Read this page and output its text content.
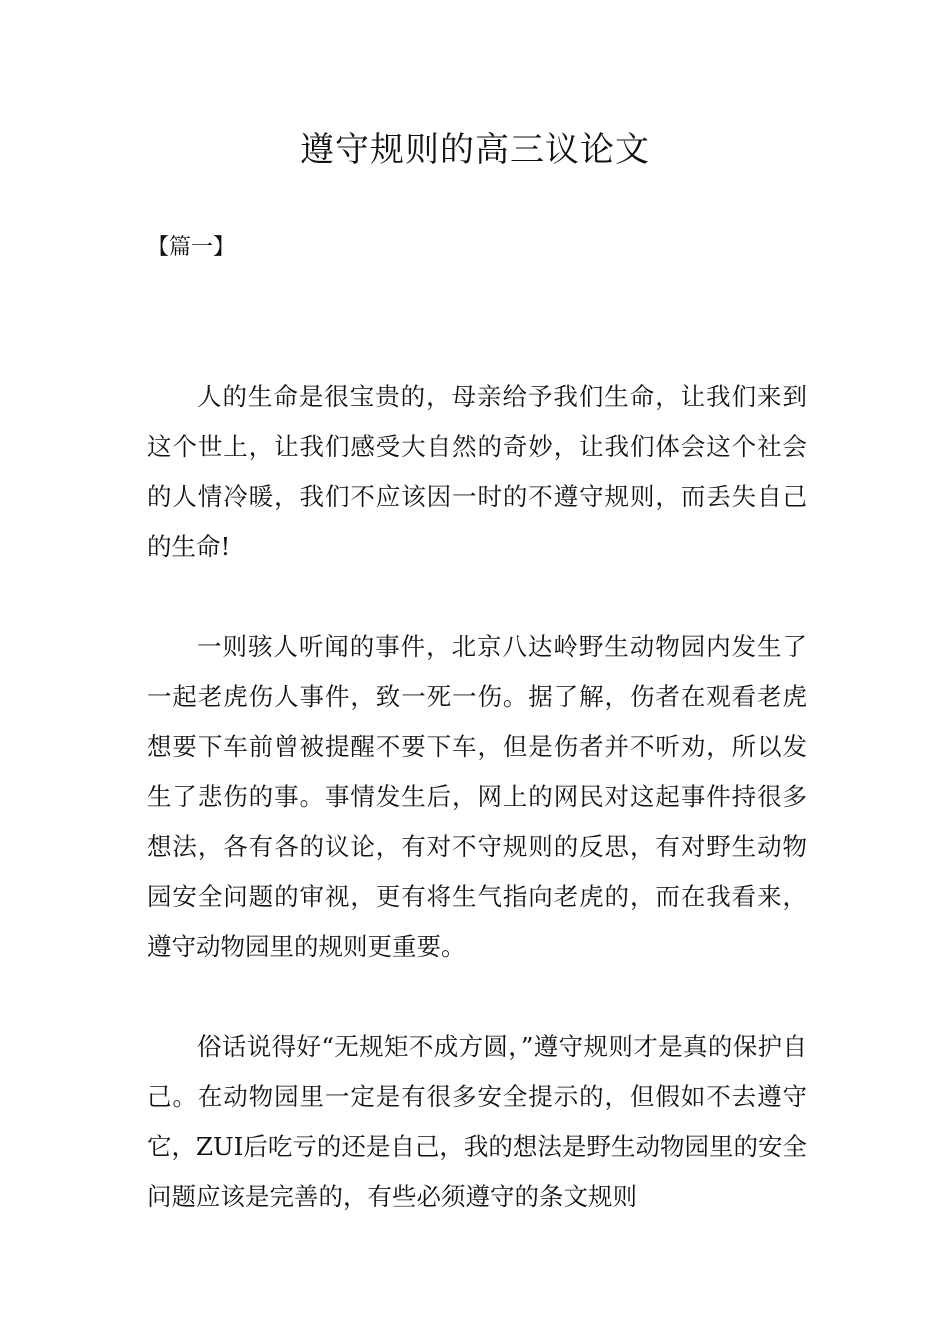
遵守规则的高三议论文
【篇一】

人的生命是很宝贵的，母亲给予我们生命，让我们来到这个世上，让我们感受大自然的奇妙，让我们体会这个社会的人情冷暖，我们不应该因一时的不遵守规则，而丢失自己的生命!

一则骇人听闻的事件，北京八达岭野生动物园内发生了一起老虎伤人事件，致一死一伤。据了解，伤者在观看老虎想要下车前曾被提醒不要下车，但是伤者并不听劝，所以发生了悲伤的事。事情发生后，网上的网民对这起事件持很多想法，各有各的议论，有对不守规则的反思，有对野生动物园安全问题的审视，更有将生气指向老虎的，而在我看来，遵守动物园里的规则更重要。

俗话说得好“无规矩不成方圆，”遵守规则才是真的保护自己。在动物园里一定是有很多安全提示的，但假如不去遵守它，ZUI后吃亏的还是自己，我的想法是野生动物园里的安全问题应该是完善的，有些必须遵守的条文规则
